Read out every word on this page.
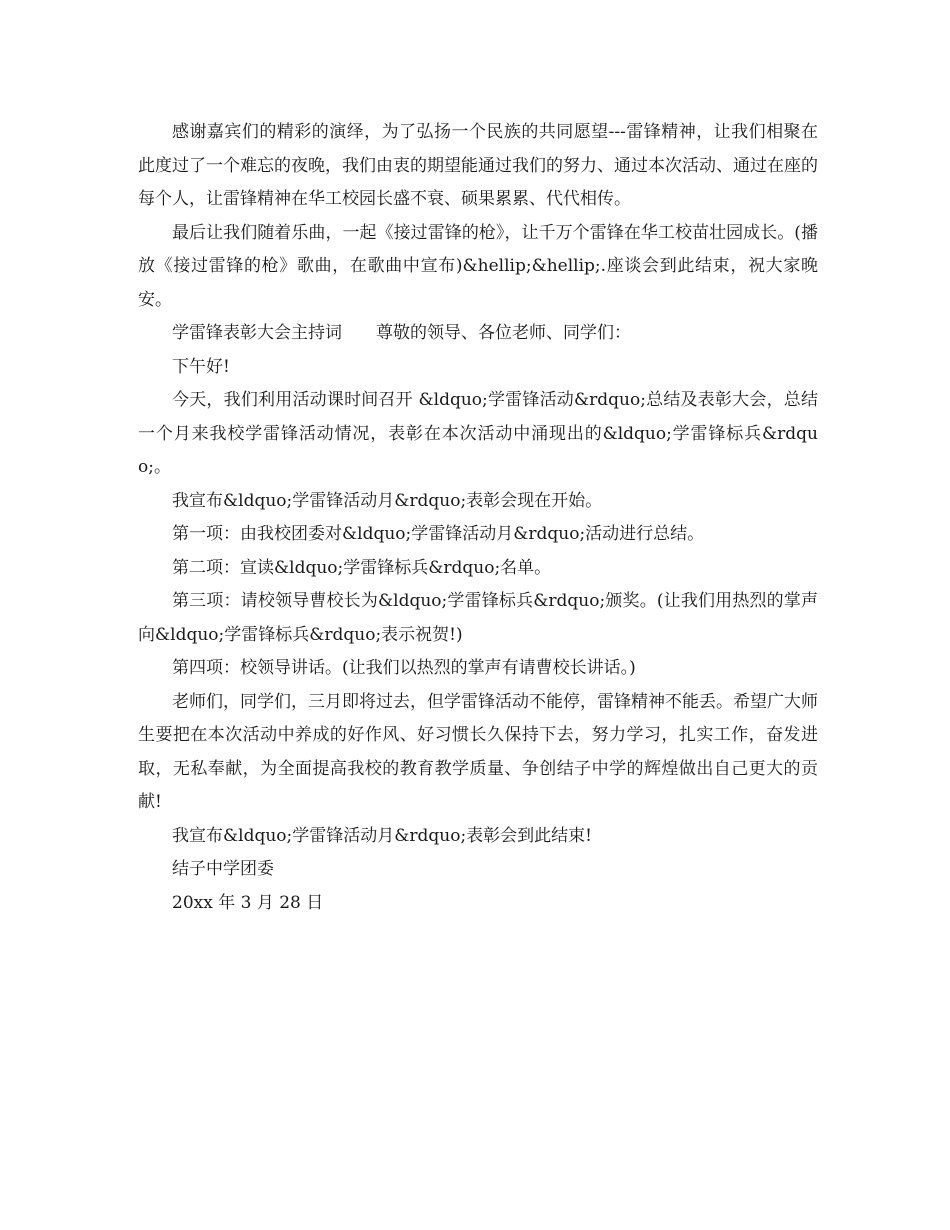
感谢嘉宾们的精彩的演绎，为了弘扬一个民族的共同愿望---雷锋精神，让我们相聚在此度过了一个难忘的夜晚，我们由衷的期望能通过我们的努力、通过本次活动、通过在座的每个人，让雷锋精神在华工校园长盛不衰、硕果累累、代代相传。

最后让我们随着乐曲，一起《接过雷锋的枪》，让千万个雷锋在华工校苗壮园成长。(播放《接过雷锋的枪》歌曲，在歌曲中宣布)&hellip;&hellip;.座谈会到此结束，祝大家晚安。

学雷锋表彰大会主持词　　尊敬的领导、各位老师、同学们：

下午好!

今天，我们利用活动课时间召开 &ldquo;学雷锋活动&rdquo;总结及表彰大会，总结一个月来我校学雷锋活动情况，表彰在本次活动中涌现出的&ldquo;学雷锋标兵&rdquo;。

我宣布&ldquo;学雷锋活动月&rdquo;表彰会现在开始。

第一项：由我校团委对&ldquo;学雷锋活动月&rdquo;活动进行总结。

第二项：宣读&ldquo;学雷锋标兵&rdquo;名单。

第三项：请校领导曹校长为&ldquo;学雷锋标兵&rdquo;颁奖。(让我们用热烈的掌声向&ldquo;学雷锋标兵&rdquo;表示祝贺!)

第四项：校领导讲话。(让我们以热烈的掌声有请曹校长讲话。)

老师们，同学们，三月即将过去，但学雷锋活动不能停，雷锋精神不能丢。希望广大师生要把在本次活动中养成的好作风、好习惯长久保持下去，努力学习，扎实工作，奋发进取，无私奉献，为全面提高我校的教育教学质量、争创结子中学的辉煌做出自己更大的贡献!

我宣布&ldquo;学雷锋活动月&rdquo;表彰会到此结束!

结子中学团委

20xx 年 3 月 28 日
